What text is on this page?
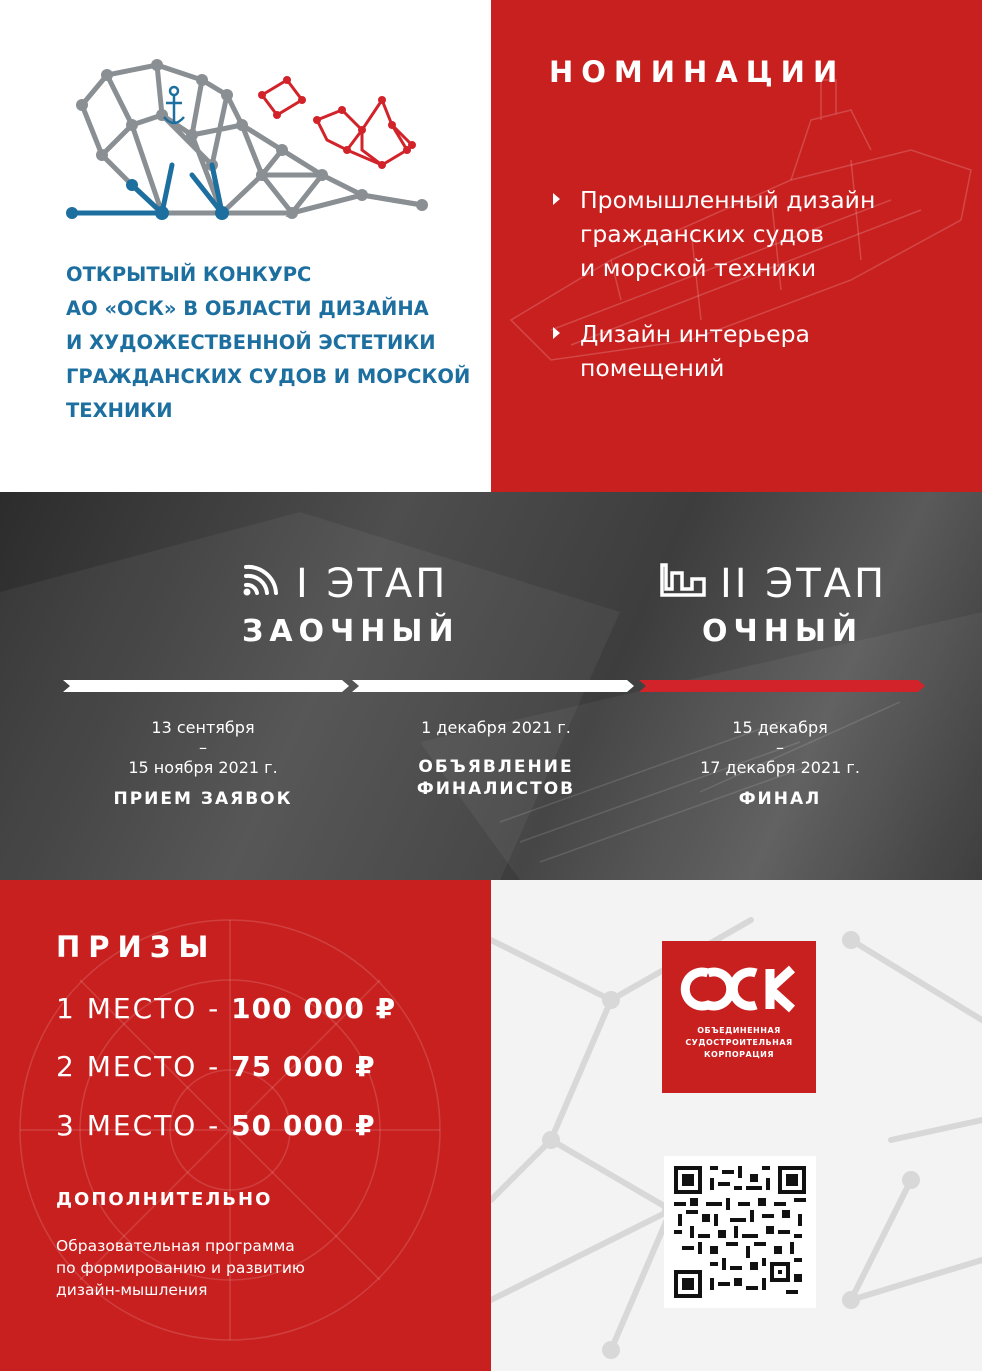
ОТКРЫТЫЙ КОНКУРС
АО «ОСК» В ОБЛАСТИ ДИЗАЙНА
И ХУДОЖЕСТВЕННОЙ ЭСТЕТИКИ
ГРАЖДАНСКИХ СУДОВ И МОРСКОЙ
ТЕХНИКИ
НОМИНАЦИИ
Промышленный дизайн
гражданских судов
и морской техники
Дизайн интерьера
помещений
I ЭТАП
ЗАОЧНЫЙ
II ЭТАП
ОЧНЫЙ
13 сентября
–
15 ноября 2021 г.
ПРИЕМ ЗАЯВОК
1 декабря 2021 г.
ОБЪЯВЛЕНИЕ
ФИНАЛИСТОВ
15 декабря
–
17 декабря 2021 г.
ФИНАЛ
ПРИЗЫ
1 МЕСТО - 100 000 ₽
2 МЕСТО - 75 000 ₽
3 МЕСТО - 50 000 ₽
ДОПОЛНИТЕЛЬНО
Образовательная программа
по формированию и развитию
дизайн-мышления
ОБЪЕДИНЕННАЯ
СУДОСТРОИТЕЛЬНАЯ
КОРПОРАЦИЯ
